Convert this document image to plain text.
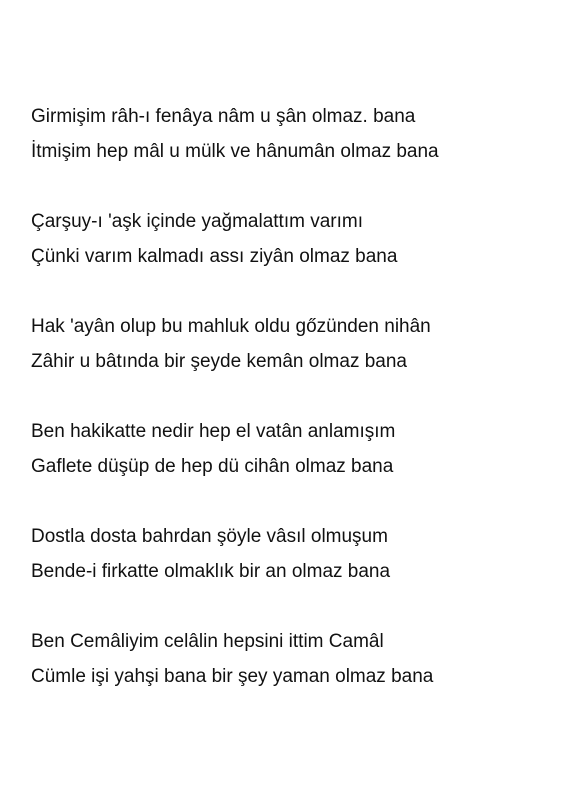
Girmişim râh-ı fenâya nâm u şân olmaz. bana
İtmişim hep mâl u mülk ve hânumân olmaz bana
Çarşuy-ı 'aşk içinde yağmalattım varımı
Çünki varım kalmadı assı ziyân olmaz bana
Hak 'ayân olup bu mahluk oldu gőzünden nihân
Zâhir u bâtında bir şeyde kemân olmaz bana
Ben hakikatte nedir hep el vatân anlamışım
Gaflete düşüp de hep dü cihân olmaz bana
Dostla dosta bahrdan şöyle vâsıl olmuşum
Bende-i firkatte olmaklık bir an olmaz bana
Ben Cemâliyim celâlin hepsini ittim Camâl
Cümle işi yahşi bana bir şey yaman olmaz bana
